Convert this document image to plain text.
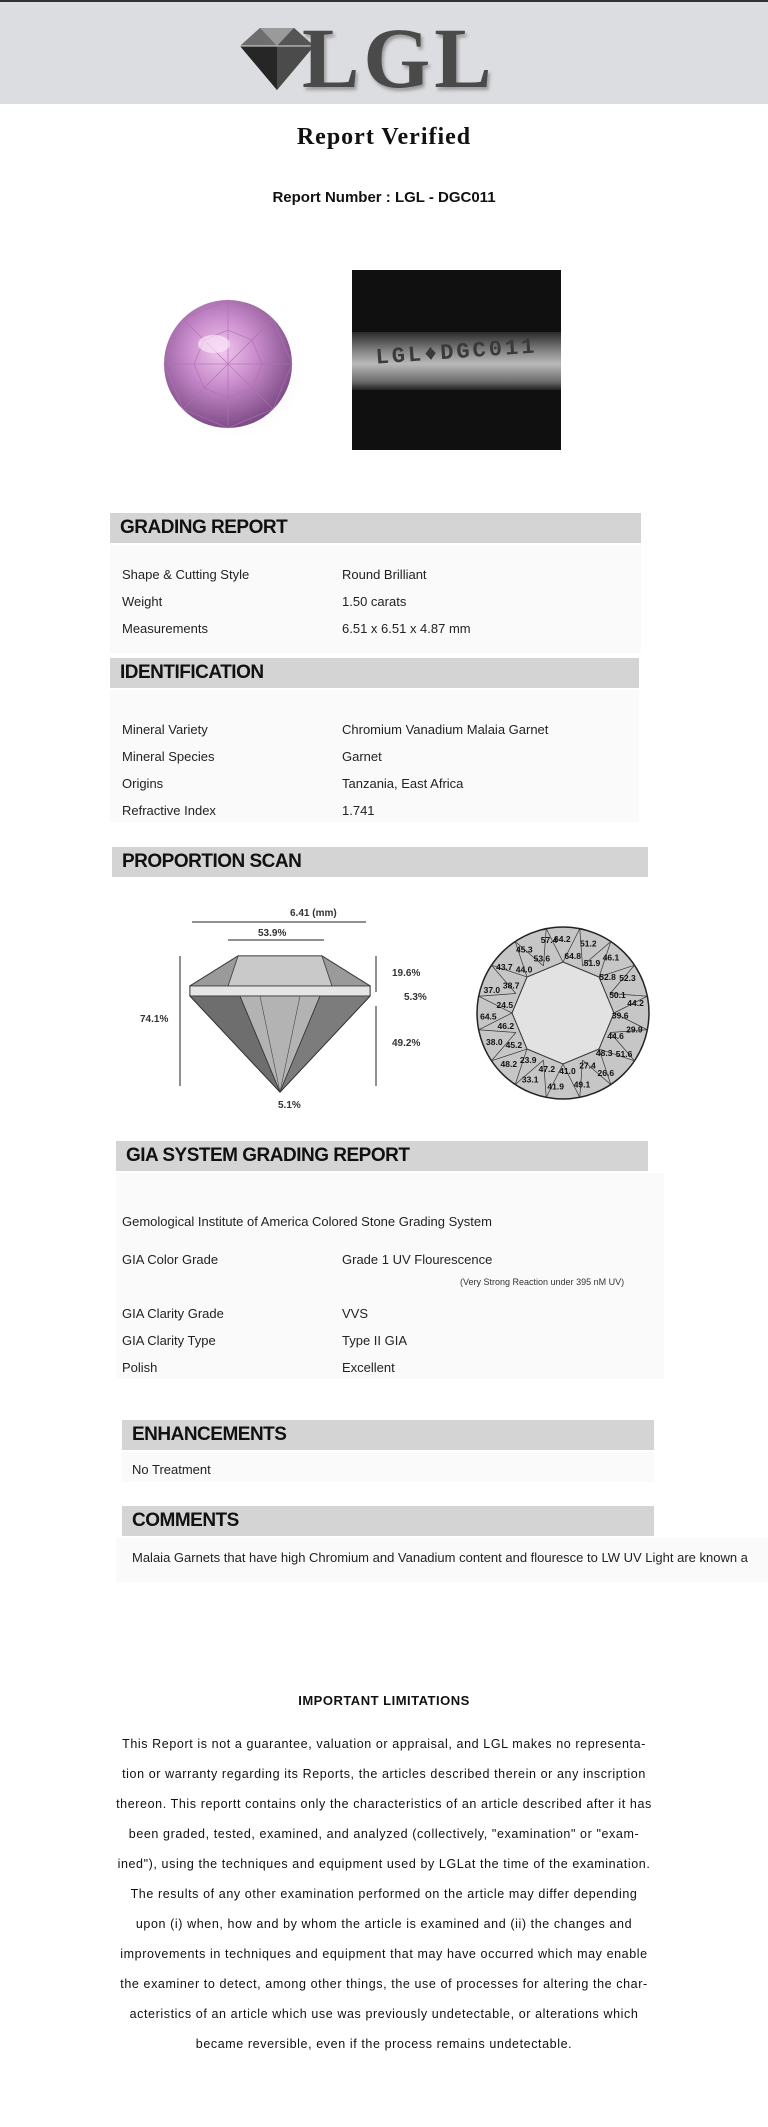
LGL
Report Verified
Report Number : LGL - DGC011
LGL♦DGC011
GRADING REPORT
Shape & Cutting Style	Round Brilliant
Weight	1.50 carats
Measurements	6.51 x 6.51 x 4.87 mm
IDENTIFICATION
Mineral Variety	Chromium Vanadium Malaia Garnet
Mineral Species	Garnet
Origins	Tanzania, East Africa
Refractive Index	1.741
PROPORTION SCAN
6.41 (mm)
53.9%
74.1%
19.6%
5.3%
49.2%
5.1%
64.2
64.8
51.2
51.9
46.1
52.8 52.3
50.1
44.2
39.6
29.9
44.6
51.6
48.3
26.6
27.4
49.1
41.0
41.9
47.2
33.1
23.9
48.2
45.2
38.0
46.2
64.5
24.5
37.0 38.7
43.7 44.0
45.3
53.6
57.4
GIA SYSTEM GRADING REPORT
Gemological Institute of America Colored Stone Grading System
GIA Color Grade	Grade 1 UV Flourescence
(Very Strong Reaction under 395 nM UV)
GIA Clarity Grade	VVS
GIA Clarity Type	Type II GIA
Polish	Excellent
ENHANCEMENTS
No Treatment
COMMENTS
Malaia Garnets that have high Chromium and Vanadium content and flouresce to LW UV Light are known a
IMPORTANT LIMITATIONS
This Report is not a guarantee, valuation or appraisal, and LGL makes no representa-
tion or warranty regarding its Reports, the articles described therein or any inscription
thereon. This reportt contains only the characteristics of an article described after it has
been graded, tested, examined, and analyzed (collectively, "examination" or "exam-
ined"), using the techniques and equipment used by LGLat the time of the examination.
The results of any other examination performed on the article may differ depending
upon (i) when, how and by whom the article is examined and (ii) the changes and
improvements in techniques and equipment that may have occurred which may enable
the examiner to detect, among other things, the use of processes for altering the char-
acteristics of an article which use was previously undetectable, or alterations which
became reversible, even if the process remains undetectable.
